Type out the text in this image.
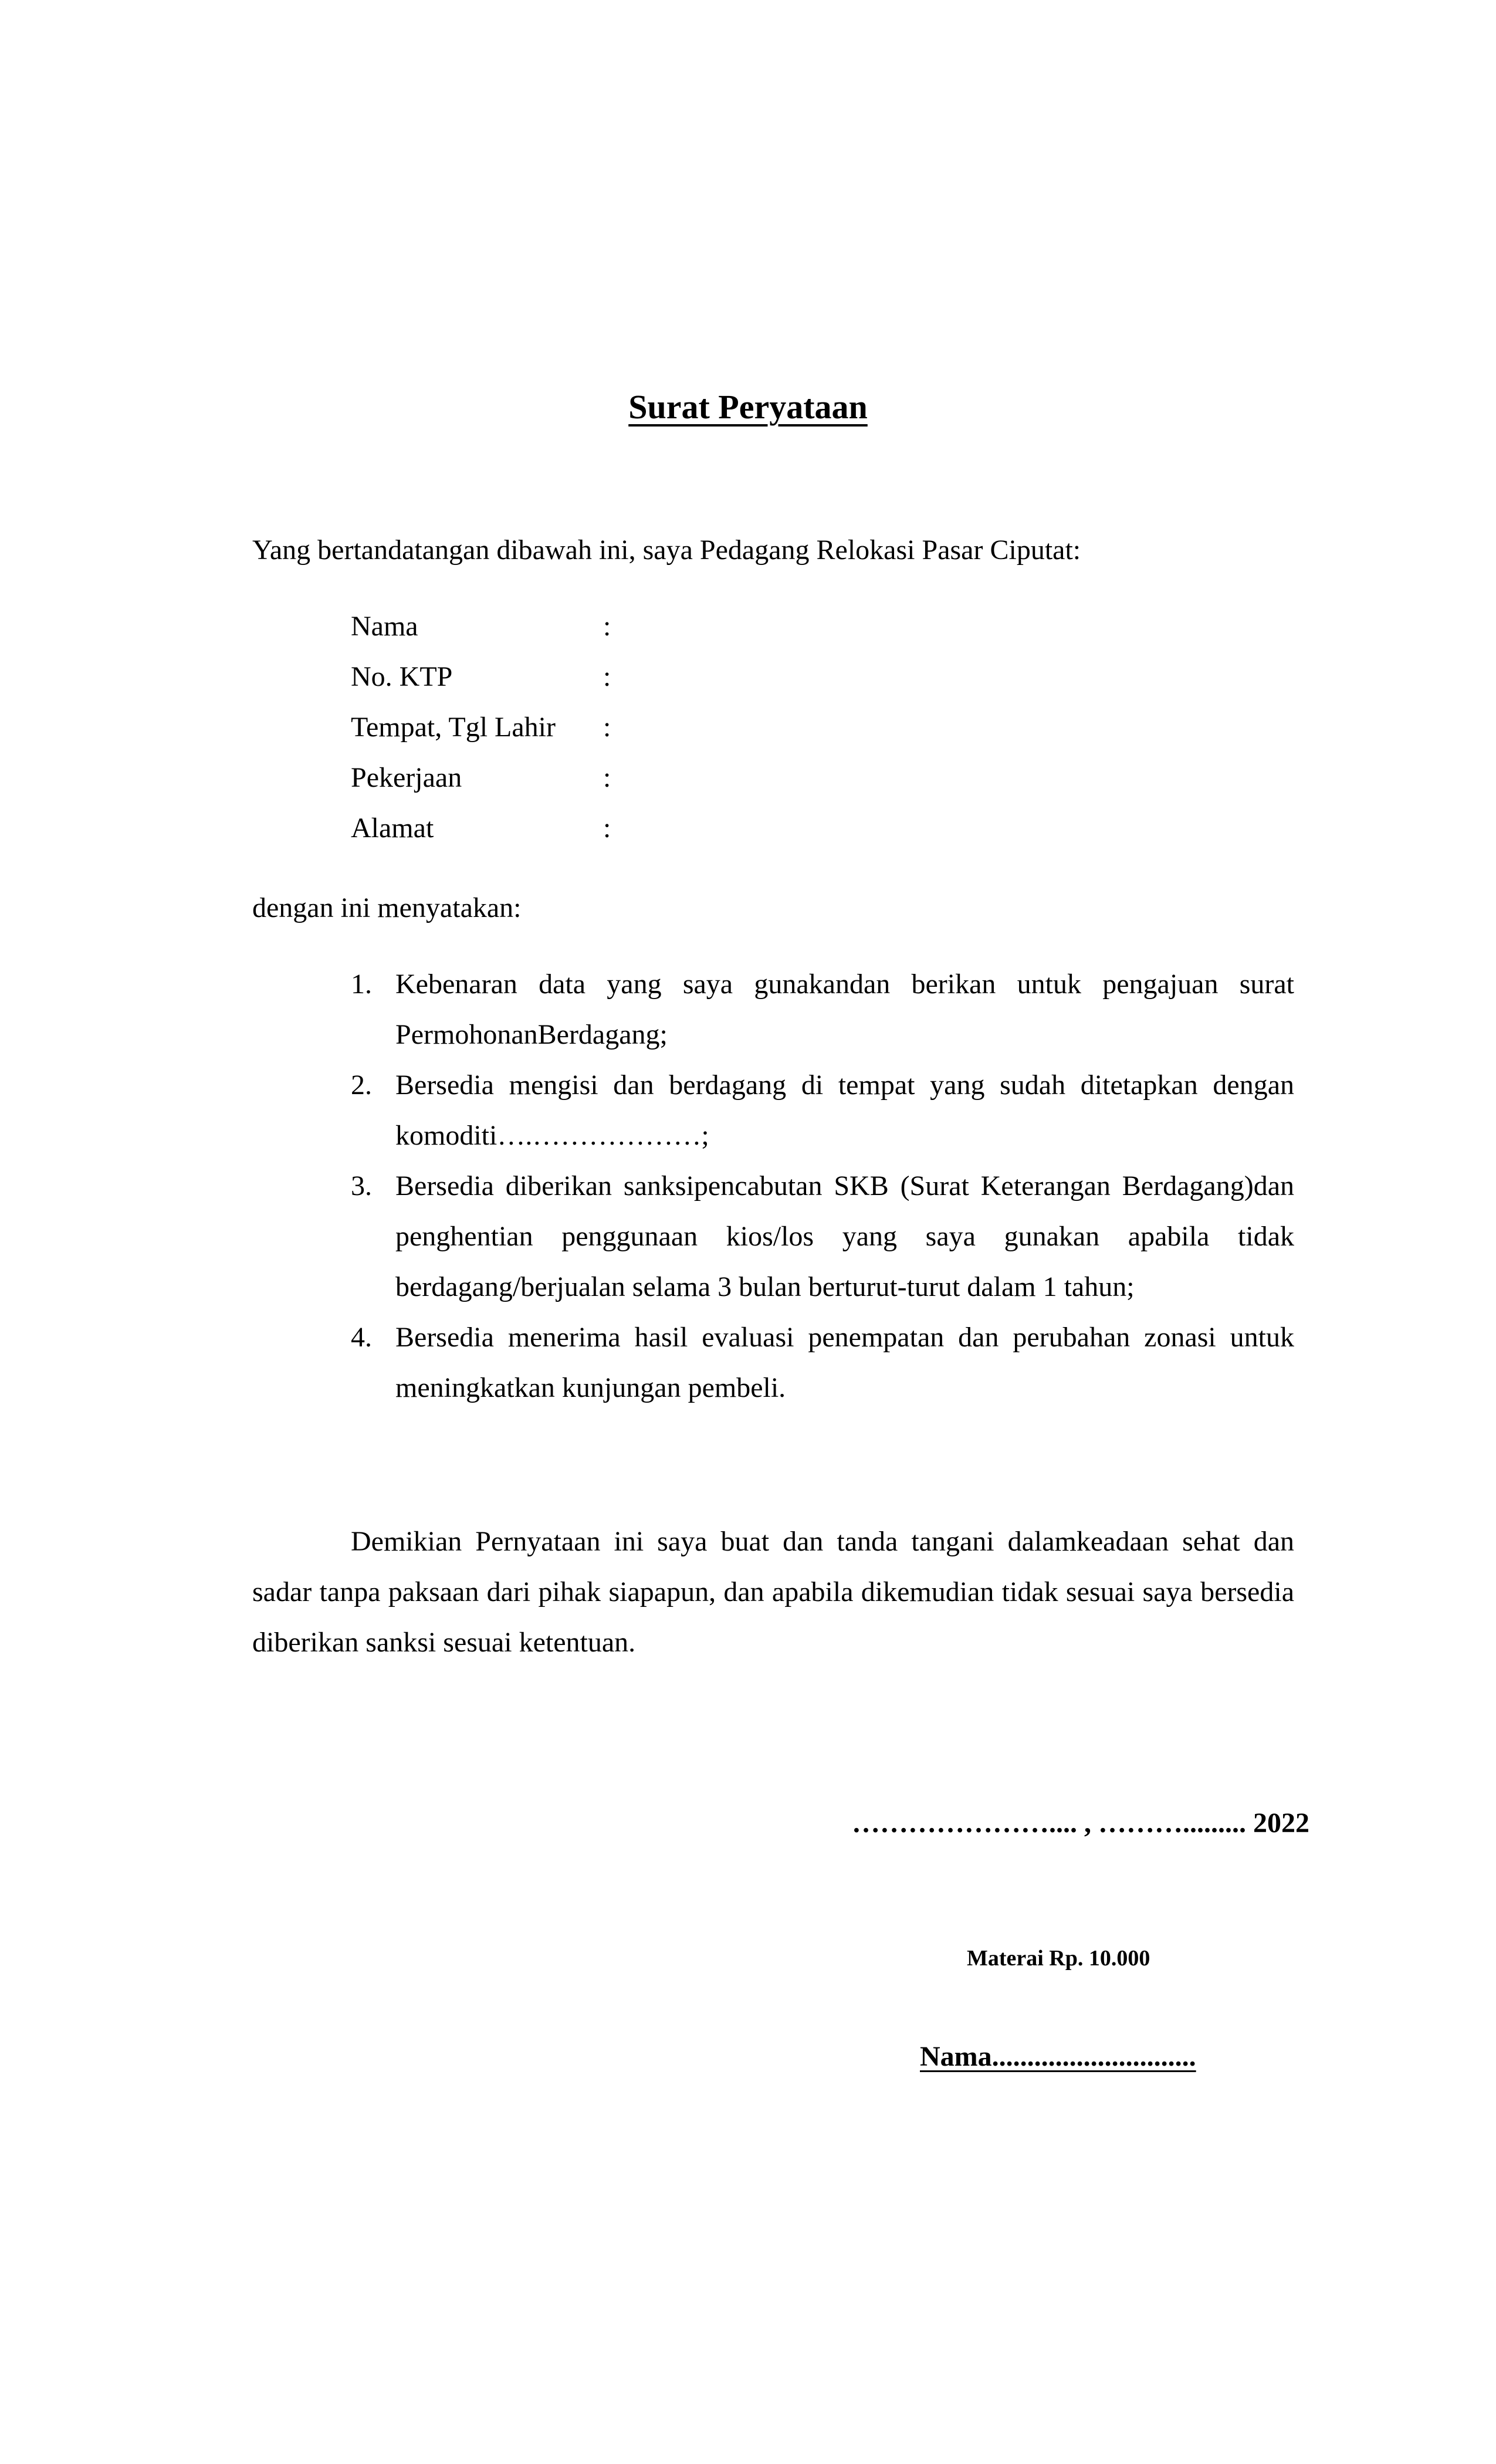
Surat Peryataan
Yang bertandatangan dibawah ini, saya Pedagang Relokasi Pasar Ciputat:
Nama	:
No. KTP	:
Tempat, Tgl Lahir	:
Pekerjaan	:
Alamat	:
dengan ini menyatakan:
1. Kebenaran data yang saya gunakandan berikan untuk pengajuan surat PermohonanBerdagang;
2. Bersedia mengisi dan berdagang di tempat yang sudah ditetapkan dengan komoditi….………………;
3. Bersedia diberikan sanksipencabutan SKB (Surat Keterangan Berdagang)dan penghentian penggunaan kios/los yang saya gunakan apabila tidak berdagang/berjualan selama 3 bulan berturut-turut dalam 1 tahun;
4. Bersedia menerima hasil evaluasi penempatan dan perubahan zonasi untuk meningkatkan kunjungan pembeli.
Demikian Pernyataan ini saya buat dan tanda tangani dalamkeadaan sehat dan sadar tanpa paksaan dari pihak siapapun, dan apabila dikemudian tidak sesuai saya bersedia diberikan sanksi sesuai ketentuan.
………………….... , ………......... 2022
Materai Rp. 10.000
Nama.............................
